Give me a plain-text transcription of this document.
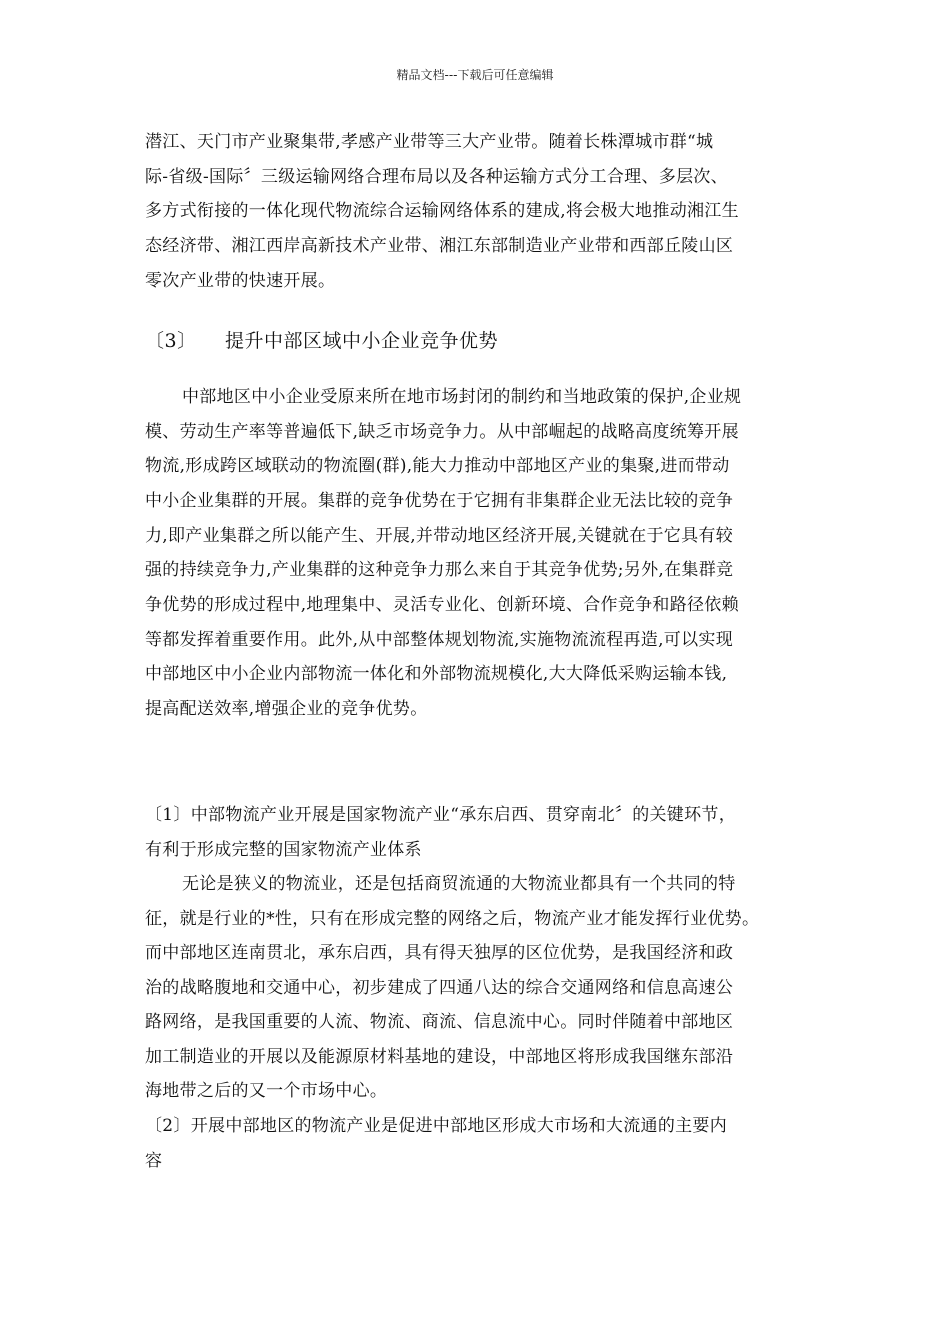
精品文档---下载后可任意编辑
潜江、天门市产业聚集带,孝感产业带等三大产业带。随着长株潭城市群“城
际-省级-国际〞三级运输网络合理布局以及各种运输方式分工合理、多层次、
多方式衔接的一体化现代物流综合运输网络体系的建成,将会极大地推动湘江生
态经济带、湘江西岸高新技术产业带、湘江东部制造业产业带和西部丘陵山区
零次产业带的快速开展。
〔3〕 提升中部区域中小企业竞争优势
中部地区中小企业受原来所在地市场封闭的制约和当地政策的保护,企业规
模、劳动生产率等普遍低下,缺乏市场竞争力。从中部崛起的战略高度统筹开展
物流,形成跨区域联动的物流圈(群),能大力推动中部地区产业的集聚,进而带动
中小企业集群的开展。集群的竞争优势在于它拥有非集群企业无法比较的竞争
力,即产业集群之所以能产生、开展,并带动地区经济开展,关键就在于它具有较
强的持续竞争力,产业集群的这种竞争力那么来自于其竞争优势;另外,在集群竞
争优势的形成过程中,地理集中、灵活专业化、创新环境、合作竞争和路径依赖
等都发挥着重要作用。此外,从中部整体规划物流,实施物流流程再造,可以实现
中部地区中小企业内部物流一体化和外部物流规模化,大大降低采购运输本钱,
提高配送效率,增强企业的竞争优势。
〔1〕中部物流产业开展是国家物流产业“承东启西、贯穿南北〞的关键环节，
有利于形成完整的国家物流产业体系
无论是狭义的物流业，还是包括商贸流通的大物流业都具有一个共同的特
征，就是行业的*性，只有在形成完整的网络之后，物流产业才能发挥行业优势。
而中部地区连南贯北，承东启西，具有得天独厚的区位优势，是我国经济和政
治的战略腹地和交通中心，初步建成了四通八达的综合交通网络和信息高速公
路网络，是我国重要的人流、物流、商流、信息流中心。同时伴随着中部地区
加工制造业的开展以及能源原材料基地的建设，中部地区将形成我国继东部沿
海地带之后的又一个市场中心。
〔2〕开展中部地区的物流产业是促进中部地区形成大市场和大流通的主要内
容
